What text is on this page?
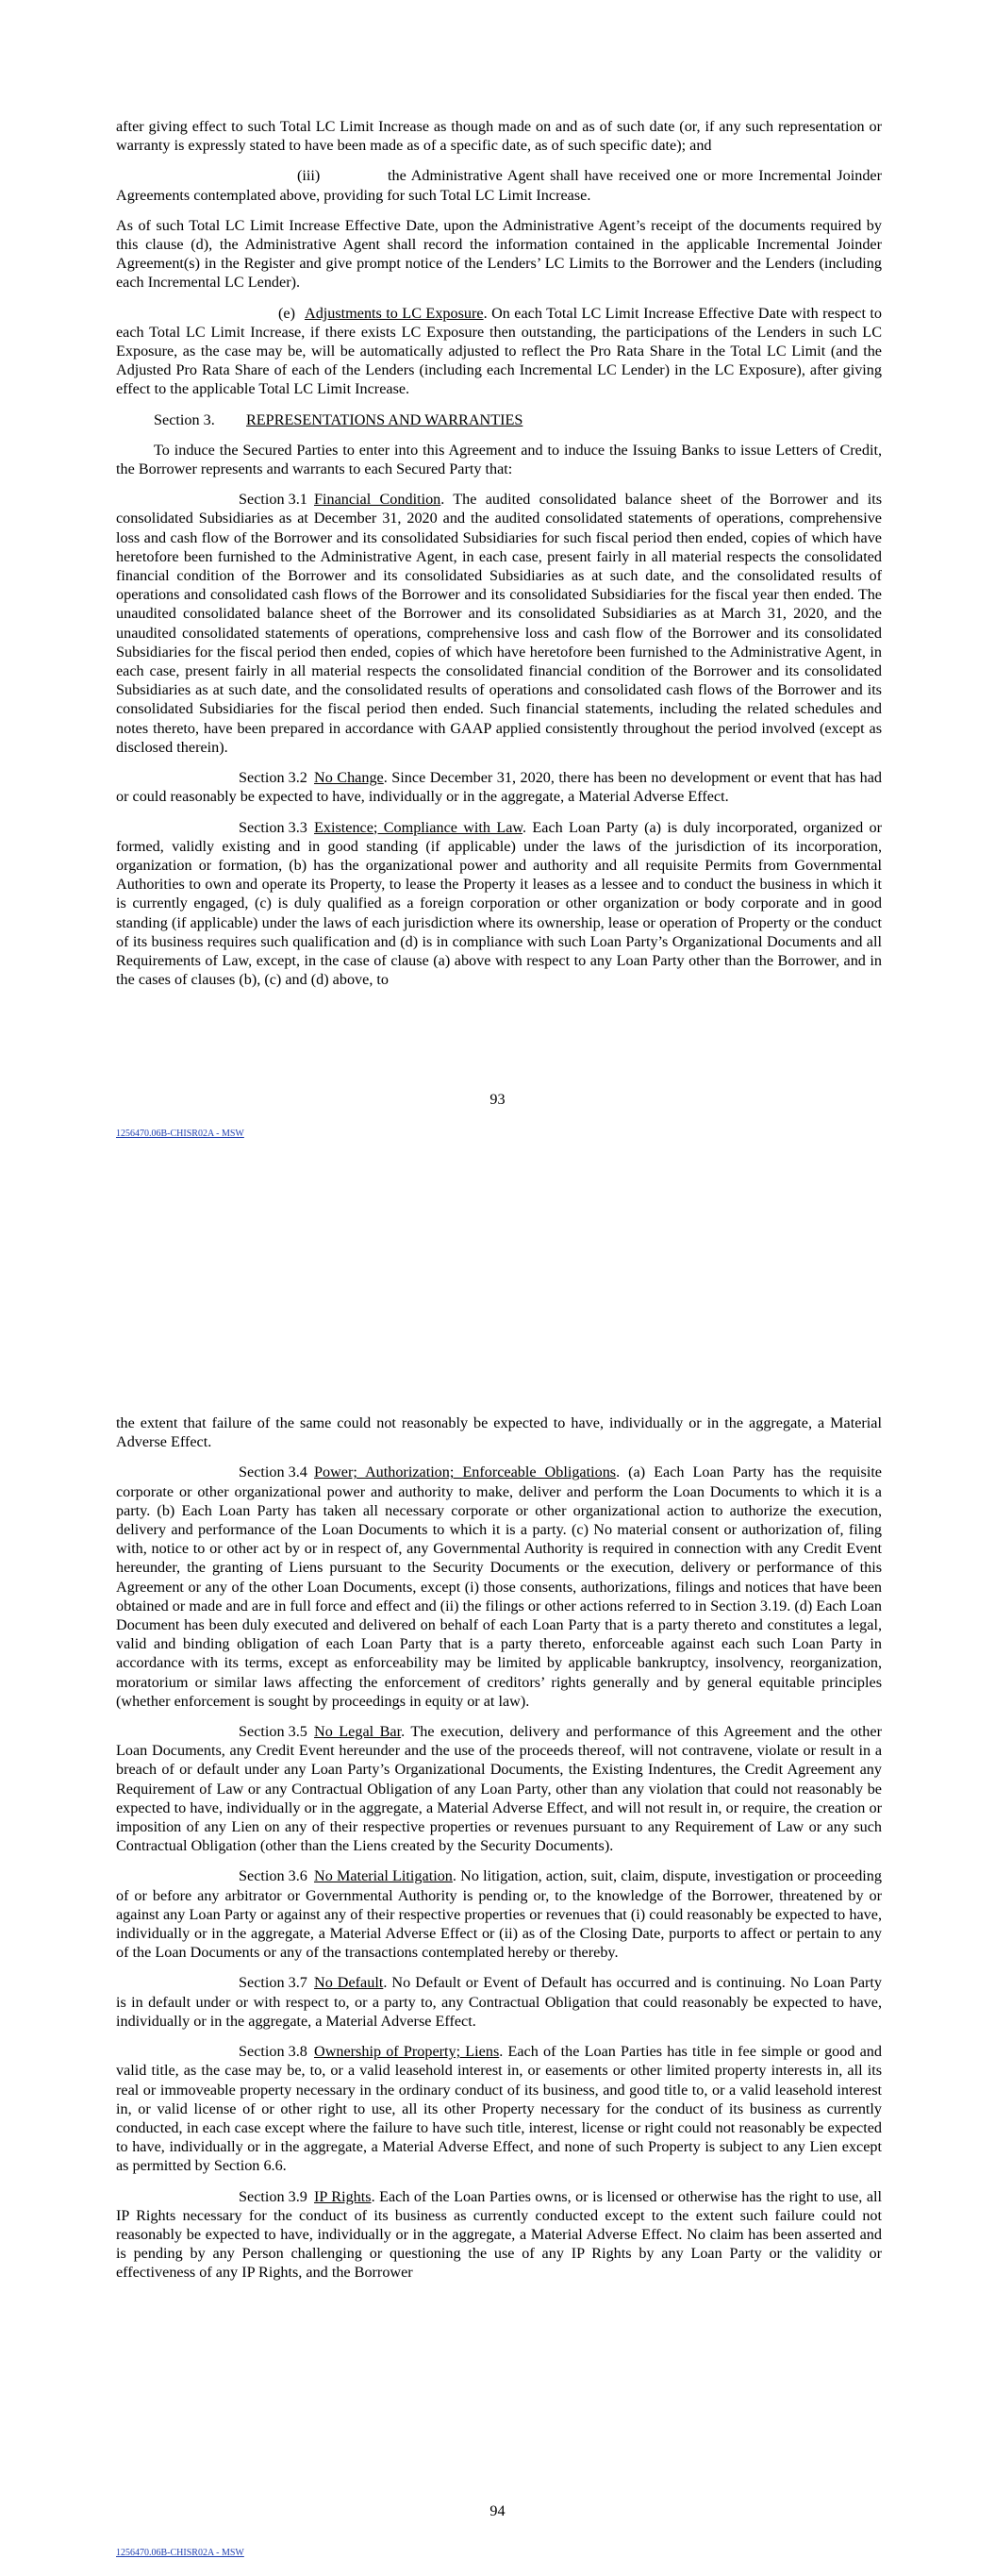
after giving effect to such Total LC Limit Increase as though made on and as of such date (or, if any such representation or warranty is expressly stated to have been made as of a specific date, as of such specific date); and

(iii)	the Administrative Agent shall have received one or more Incremental Joinder Agreements contemplated above, providing for such Total LC Limit Increase.

As of such Total LC Limit Increase Effective Date, upon the Administrative Agent’s receipt of the documents required by this clause (d), the Administrative Agent shall record the information contained in the applicable Incremental Joinder Agreement(s) in the Register and give prompt notice of the Lenders’ LC Limits to the Borrower and the Lenders (including each Incremental LC Lender).

(e) Adjustments to LC Exposure. On each Total LC Limit Increase Effective Date with respect to each Total LC Limit Increase, if there exists LC Exposure then outstanding, the participations of the Lenders in such LC Exposure, as the case may be, will be automatically adjusted to reflect the Pro Rata Share in the Total LC Limit (and the Adjusted Pro Rata Share of each of the Lenders (including each Incremental LC Lender) in the LC Exposure), after giving effect to the applicable Total LC Limit Increase.

Section 3. REPRESENTATIONS AND WARRANTIES

To induce the Secured Parties to enter into this Agreement and to induce the Issuing Banks to issue Letters of Credit, the Borrower represents and warrants to each Secured Party that:

Section 3.1 Financial Condition. The audited consolidated balance sheet of the Borrower and its consolidated Subsidiaries as at December 31, 2020 and the audited consolidated statements of operations, comprehensive loss and cash flow of the Borrower and its consolidated Subsidiaries for such fiscal period then ended, copies of which have heretofore been furnished to the Administrative Agent, in each case, present fairly in all material respects the consolidated financial condition of the Borrower and its consolidated Subsidiaries as at such date, and the consolidated results of operations and consolidated cash flows of the Borrower and its consolidated Subsidiaries for the fiscal year then ended. The unaudited consolidated balance sheet of the Borrower and its consolidated Subsidiaries as at March 31, 2020, and the unaudited consolidated statements of operations, comprehensive loss and cash flow of the Borrower and its consolidated Subsidiaries for the fiscal period then ended, copies of which have heretofore been furnished to the Administrative Agent, in each case, present fairly in all material respects the consolidated financial condition of the Borrower and its consolidated Subsidiaries as at such date, and the consolidated results of operations and consolidated cash flows of the Borrower and its consolidated Subsidiaries for the fiscal period then ended. Such financial statements, including the related schedules and notes thereto, have been prepared in accordance with GAAP applied consistently throughout the period involved (except as disclosed therein).

Section 3.2 No Change. Since December 31, 2020, there has been no development or event that has had or could reasonably be expected to have, individually or in the aggregate, a Material Adverse Effect.

Section 3.3 Existence; Compliance with Law. Each Loan Party (a) is duly incorporated, organized or formed, validly existing and in good standing (if applicable) under the laws of the jurisdiction of its incorporation, organization or formation, (b) has the organizational power and authority and all requisite Permits from Governmental Authorities to own and operate its Property, to lease the Property it leases as a lessee and to conduct the business in which it is currently engaged, (c) is duly qualified as a foreign corporation or other organization or body corporate and in good standing (if applicable) under the laws of each jurisdiction where its ownership, lease or operation of Property or the conduct of its business requires such qualification and (d) is in compliance with such Loan Party’s Organizational Documents and all Requirements of Law, except, in the case of clause (a) above with respect to any Loan Party other than the Borrower, and in the cases of clauses (b), (c) and (d) above, to

93
1256470.06B-CHISR02A - MSW

the extent that failure of the same could not reasonably be expected to have, individually or in the aggregate, a Material Adverse Effect.

Section 3.4 Power; Authorization; Enforceable Obligations. (a) Each Loan Party has the requisite corporate or other organizational power and authority to make, deliver and perform the Loan Documents to which it is a party. (b) Each Loan Party has taken all necessary corporate or other organizational action to authorize the execution, delivery and performance of the Loan Documents to which it is a party. (c) No material consent or authorization of, filing with, notice to or other act by or in respect of, any Governmental Authority is required in connection with any Credit Event hereunder, the granting of Liens pursuant to the Security Documents or the execution, delivery or performance of this Agreement or any of the other Loan Documents, except (i) those consents, authorizations, filings and notices that have been obtained or made and are in full force and effect and (ii) the filings or other actions referred to in Section 3.19. (d) Each Loan Document has been duly executed and delivered on behalf of each Loan Party that is a party thereto and constitutes a legal, valid and binding obligation of each Loan Party that is a party thereto, enforceable against each such Loan Party in accordance with its terms, except as enforceability may be limited by applicable bankruptcy, insolvency, reorganization, moratorium or similar laws affecting the enforcement of creditors’ rights generally and by general equitable principles (whether enforcement is sought by proceedings in equity or at law).

Section 3.5 No Legal Bar. The execution, delivery and performance of this Agreement and the other Loan Documents, any Credit Event hereunder and the use of the proceeds thereof, will not contravene, violate or result in a breach of or default under any Loan Party’s Organizational Documents, the Existing Indentures, the Credit Agreement any Requirement of Law or any Contractual Obligation of any Loan Party, other than any violation that could not reasonably be expected to have, individually or in the aggregate, a Material Adverse Effect, and will not result in, or require, the creation or imposition of any Lien on any of their respective properties or revenues pursuant to any Requirement of Law or any such Contractual Obligation (other than the Liens created by the Security Documents).

Section 3.6 No Material Litigation. No litigation, action, suit, claim, dispute, investigation or proceeding of or before any arbitrator or Governmental Authority is pending or, to the knowledge of the Borrower, threatened by or against any Loan Party or against any of their respective properties or revenues that (i) could reasonably be expected to have, individually or in the aggregate, a Material Adverse Effect or (ii) as of the Closing Date, purports to affect or pertain to any of the Loan Documents or any of the transactions contemplated hereby or thereby.

Section 3.7 No Default. No Default or Event of Default has occurred and is continuing. No Loan Party is in default under or with respect to, or a party to, any Contractual Obligation that could reasonably be expected to have, individually or in the aggregate, a Material Adverse Effect.

Section 3.8 Ownership of Property; Liens. Each of the Loan Parties has title in fee simple or good and valid title, as the case may be, to, or a valid leasehold interest in, or easements or other limited property interests in, all its real or immoveable property necessary in the ordinary conduct of its business, and good title to, or a valid leasehold interest in, or valid license of or other right to use, all its other Property necessary for the conduct of its business as currently conducted, in each case except where the failure to have such title, interest, license or right could not reasonably be expected to have, individually or in the aggregate, a Material Adverse Effect, and none of such Property is subject to any Lien except as permitted by Section 6.6.

Section 3.9 IP Rights. Each of the Loan Parties owns, or is licensed or otherwise has the right to use, all IP Rights necessary for the conduct of its business as currently conducted except to the extent such failure could not reasonably be expected to have, individually or in the aggregate, a Material Adverse Effect. No claim has been asserted and is pending by any Person challenging or questioning the use of any IP Rights by any Loan Party or the validity or effectiveness of any IP Rights, and the Borrower

94
1256470.06B-CHISR02A - MSW
